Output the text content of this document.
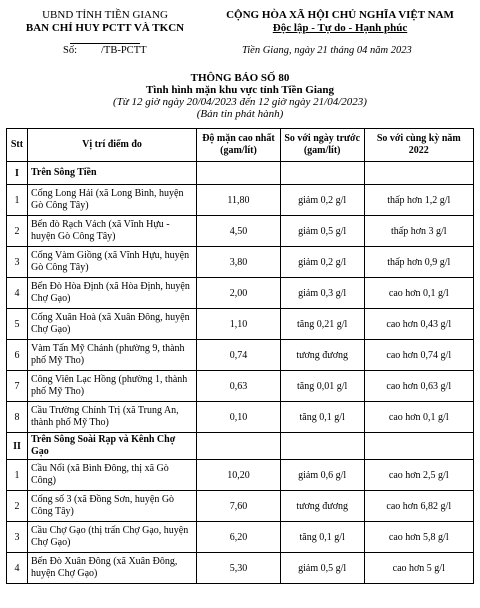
UBND TỈNH TIỀN GIANG
BAN CHỈ HUY PCTT VÀ TKCN
CỘNG HÒA XÃ HỘI CHỦ NGHĨA VIỆT NAM
Độc lập - Tự do - Hạnh phúc
Số: /TB-PCTT	Tiền Giang, ngày 21 tháng 04 năm 2023
THÔNG BÁO SỐ 80
Tình hình mặn khu vực tỉnh Tiền Giang
(Từ 12 giờ ngày 20/04/2023 đến 12 giờ ngày 21/04/2023)
(Bản tin phát hành)
Stt	Vị trí điểm đo	Độ mặn cao nhất (gam/lít)	So với ngày trước (gam/lít)	So với cùng kỳ năm 2022
I	Trên Sông Tiền			
1	Cống Long Hải (xã Long Bình, huyện Gò Công Tây)	11,80	giảm 0,2 g/l	thấp hơn 1,2 g/l
2	Bến đò Rạch Vách (xã Vĩnh Hựu - huyện Gò Công Tây)	4,50	giảm 0,5 g/l	thấp hơn 3 g/l
3	Cống Vàm Giồng (xã Vĩnh Hựu, huyện Gò Công Tây)	3,80	giảm 0,2 g/l	thấp hơn 0,9 g/l
4	Bến Đò Hòa Định (xã Hòa Định, huyện Chợ Gạo)	2,00	giảm 0,3 g/l	cao hơn 0,1 g/l
5	Cống Xuân Hoà (xã Xuân Đông, huyện Chợ Gạo)	1,10	tăng 0,21 g/l	cao hơn 0,43 g/l
6	Vàm Tấn Mỹ Chánh (phường 9, thành phố Mỹ Tho)	0,74	tương đương	cao hơn 0,74 g/l
7	Công Viên Lạc Hồng (phường 1, thành phố Mỹ Tho)	0,63	tăng 0,01 g/l	cao hơn 0,63 g/l
8	Cầu Trường Chính Trị (xã Trung An, thành phố Mỹ Tho)	0,10	tăng 0,1 g/l	cao hơn 0,1 g/l
II	Trên Sông Soài Rạp và Kênh Chợ Gạo			
1	Cầu Nổi (xã Bình Đông, thị xã Gò Công)	10,20	giảm 0,6 g/l	cao hơn 2,5 g/l
2	Cống số 3 (xã Đồng Sơn, huyện Gò Công Tây)	7,60	tương đương	cao hơn 6,82 g/l
3	Cầu Chợ Gạo (thị trấn Chợ Gạo, huyện Chợ Gạo)	6,20	tăng 0,1 g/l	cao hơn 5,8 g/l
4	Bến Đò Xuân Đông (xã Xuân Đông, huyện Chợ Gạo)	5,30	giảm 0,5 g/l	cao hơn 5 g/l
